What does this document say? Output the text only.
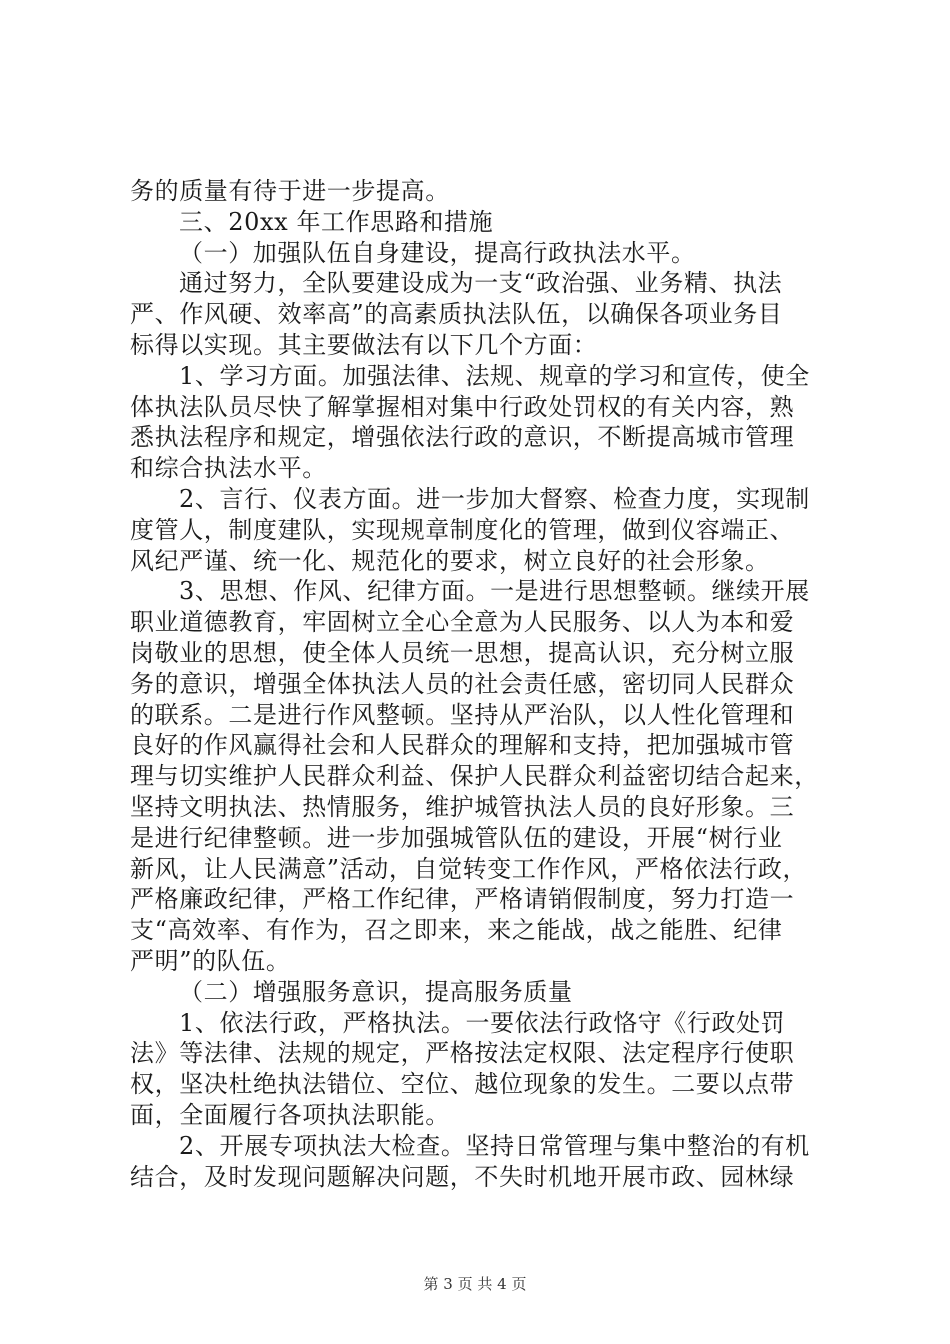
务的质量有待于进一步提高。
三、20xx 年工作思路和措施
（一）加强队伍自身建设，提高行政执法水平。
通过努力，全队要建设成为一支“政治强、业务精、执法
严、作风硬、效率高”的高素质执法队伍，以确保各项业务目
标得以实现。其主要做法有以下几个方面：
1、学习方面。加强法律、法规、规章的学习和宣传，使全
体执法队员尽快了解掌握相对集中行政处罚权的有关内容，熟
悉执法程序和规定，增强依法行政的意识，不断提高城市管理
和综合执法水平。
2、言行、仪表方面。进一步加大督察、检查力度，实现制
度管人，制度建队，实现规章制度化的管理，做到仪容端正、
风纪严谨、统一化、规范化的要求，树立良好的社会形象。
3、思想、作风、纪律方面。一是进行思想整顿。继续开展
职业道德教育，牢固树立全心全意为人民服务、以人为本和爱
岗敬业的思想，使全体人员统一思想，提高认识，充分树立服
务的意识，增强全体执法人员的社会责任感，密切同人民群众
的联系。二是进行作风整顿。坚持从严治队，以人性化管理和
良好的作风赢得社会和人民群众的理解和支持，把加强城市管
理与切实维护人民群众利益、保护人民群众利益密切结合起来，
坚持文明执法、热情服务，维护城管执法人员的良好形象。三
是进行纪律整顿。进一步加强城管队伍的建设，开展“树行业
新风，让人民满意”活动，自觉转变工作作风，严格依法行政，
严格廉政纪律，严格工作纪律，严格请销假制度，努力打造一
支“高效率、有作为，召之即来，来之能战，战之能胜、纪律
严明”的队伍。
（二）增强服务意识，提高服务质量
1、依法行政，严格执法。一要依法行政恪守《行政处罚
法》等法律、法规的规定，严格按法定权限、法定程序行使职
权，坚决杜绝执法错位、空位、越位现象的发生。二要以点带
面，全面履行各项执法职能。
2、开展专项执法大检查。坚持日常管理与集中整治的有机
结合，及时发现问题解决问题，不失时机地开展市政、园林绿
第 3 页 共 4 页
